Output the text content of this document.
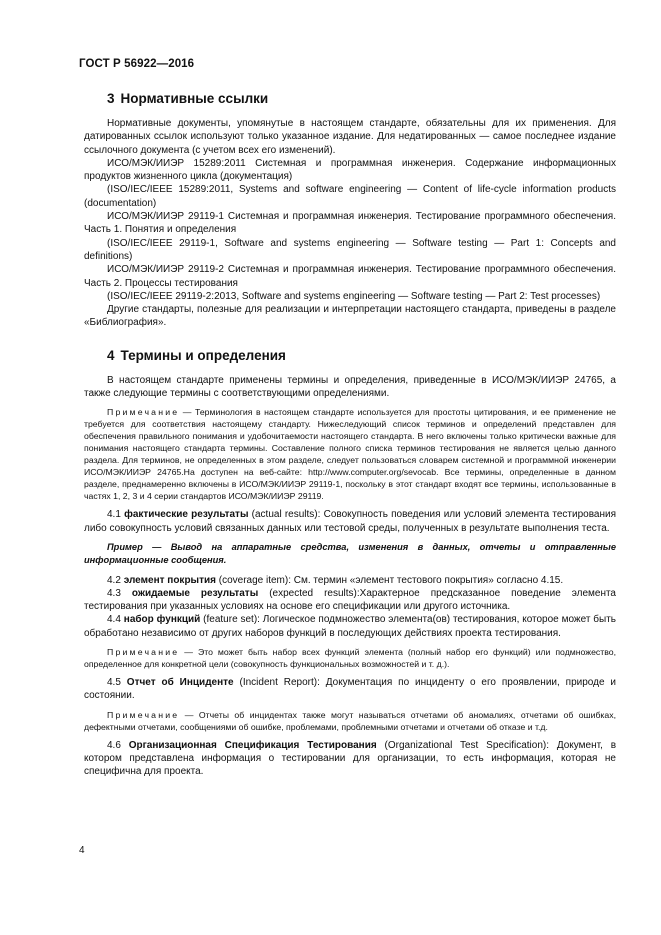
ГОСТ Р 56922—2016
3 Нормативные ссылки

Нормативные документы, упомянутые в настоящем стандарте, обязательны для их применения. Для датированных ссылок используют только указанное издание. Для недатированных — самое последнее издание ссылочного документа (с учетом всех его изменений).

ИСО/МЭК/ИИЭР 15289:2011 Системная и программная инженерия. Содержание информационных продуктов жизненного цикла (документация)

(ISO/IEC/IEEE 15289:2011, Systems and software engineering — Content of life-cycle information products (documentation)

ИСО/МЭК/ИИЭР 29119-1 Системная и программная инженерия. Тестирование программного обеспечения. Часть 1. Понятия и определения

(ISO/IEC/IEEE 29119-1, Software and systems engineering — Software testing — Part 1: Concepts and definitions)

ИСО/МЭК/ИИЭР 29119-2 Системная и программная инженерия. Тестирование программного обеспечения. Часть 2. Процессы тестирования

(ISO/IEC/IEEE 29119-2:2013, Software and systems engineering — Software testing — Part 2: Test processes)

Другие стандарты, полезные для реализации и интерпретации настоящего стандарта, приведены в разделе «Библиография».

4 Термины и определения

В настоящем стандарте применены термины и определения, приведенные в ИСО/МЭК/ИИЭР 24765, а также следующие термины с соответствующими определениями.

Примечание — Терминология в настоящем стандарте используется для простоты цитирования, и ее применение не требуется для соответствия настоящему стандарту. Нижеследующий список терминов и определений представлен для обеспечения правильного понимания и удобочитаемости настоящего стандарта. В него включены только критически важные для понимания настоящего стандарта термины. Составление полного списка терминов тестирования не является целью данного раздела. Для терминов, не определенных в этом разделе, следует пользоваться словарем системной и программной инженерии ИСО/МЭК/ИИЭР 24765.На доступен на веб-сайте: http://www.computer.org/sevocab. Все термины, определенные в данном разделе, преднамеренно включены в ИСО/МЭК/ИИЭР 29119-1, поскольку в этот стандарт входят все термины, использованные в частях 1, 2, 3 и 4 серии стандартов ИСО/МЭК/ИИЭР 29119.

4.1 фактические результаты (actual results): Совокупность поведения или условий элемента тестирования либо совокупность условий связанных данных или тестовой среды, полученных в результате выполнения теста.

Пример — Вывод на аппаратные средства, изменения в данных, отчеты и отправленные информационные сообщения.

4.2 элемент покрытия (coverage item): См. термин «элемент тестового покрытия» согласно 4.15.

4.3 ожидаемые результаты (expected results):Характерное предсказанное поведение элемента тестирования при указанных условиях на основе его спецификации или другого источника.

4.4 набор функций (feature set): Логическое подмножество элемента(ов) тестирования, которое может быть обработано независимо от других наборов функций в последующих действиях проекта тестирования.

Примечание — Это может быть набор всех функций элемента (полный набор его функций) или подмножество, определенное для конкретной цели (совокупность функциональных возможностей и т. д.).

4.5 Отчет об Инциденте (Incident Report): Документация по инциденту о его проявлении, природе и состоянии.

Примечание — Отчеты об инцидентах также могут называться отчетами об аномалиях, отчетами об ошибках, дефектными отчетами, сообщениями об ошибке, проблемами, проблемными отчетами и отчетами об отказе и т.д.

4.6 Организационная Спецификация Тестирования (Organizational Test Specification): Документ, в котором представлена информация о тестировании для организации, то есть информация, которая не специфична для проекта.

4
